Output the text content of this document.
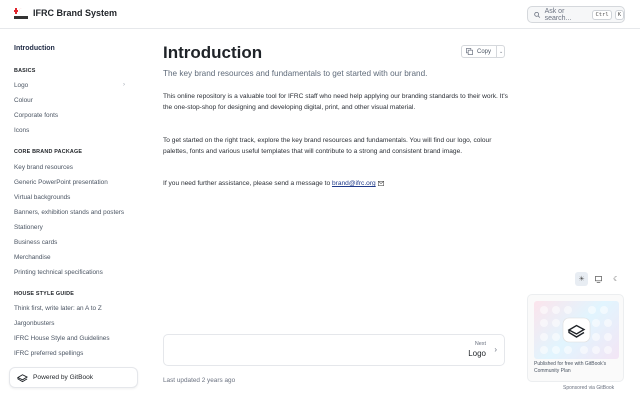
IFRC Brand System	Ask or search...	Ctrl	K
Introduction
BASICS
Logo	›
Colour
Corporate fonts
Icons
CORE BRAND PACKAGE
Key brand resources
Generic PowerPoint presentation
Virtual backgrounds
Banners, exhibition stands and posters
Stationery
Business cards
Merchandise
Printing technical specifications
HOUSE STYLE GUIDE
Think first, write later: an A to Z
Jargonbusters
IFRC House Style and Guidelines
IFRC preferred spellings
Powered by GitBook
Introduction	Copy ⌄

The key brand resources and fundamentals to get started with our brand.

This online repository is a valuable tool for IFRC staff who need help applying our branding standards to their work. It's the one-stop-shop for designing and developing digital, print, and other visual material.

To get started on the right track, explore the key brand resources and fundamentals. You will find our logo, colour palettes, fonts and various useful templates that will contribute to a strong and consistent brand image.

If you need further assistance, please send a message to brand@ifrc.org

Next
Logo ›
Last updated 2 years ago
☀	☾
Published for free with GitBook's Community Plan
Sponsored via GitBook
